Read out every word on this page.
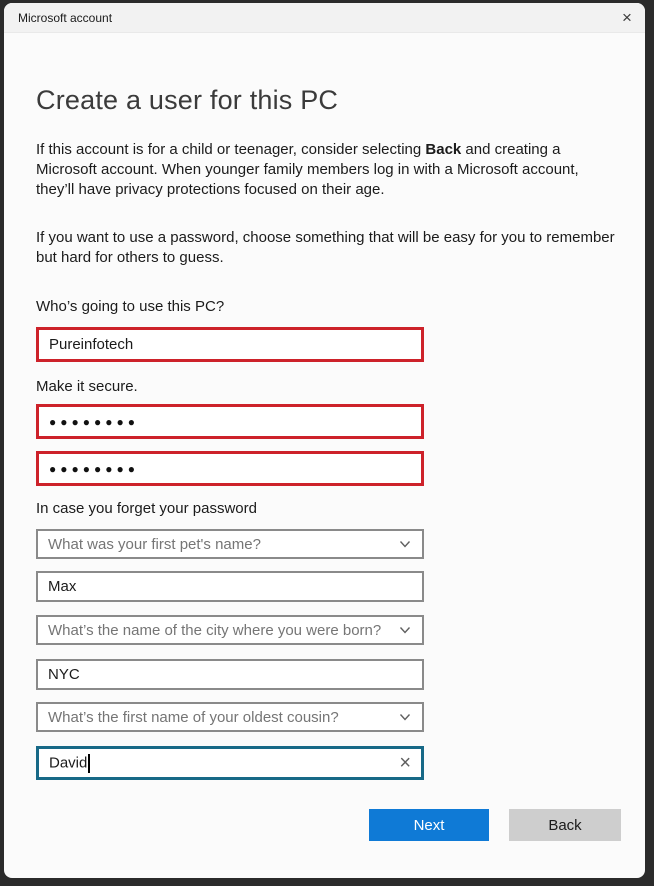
Microsoft account	×
Create a user for this PC
If this account is for a child or teenager, consider selecting Back and creating a Microsoft account. When younger family members log in with a Microsoft account, they’ll have privacy protections focused on their age.
If you want to use a password, choose something that will be easy for you to remember but hard for others to guess.
Who’s going to use this PC?
Pureinfotech
Make it secure.
●●●●●●●●
●●●●●●●●
In case you forget your password
What was your first pet's name?
Max
What’s the name of the city where you were born?
NYC
What’s the first name of your oldest cousin?
David	×
Next	Back
